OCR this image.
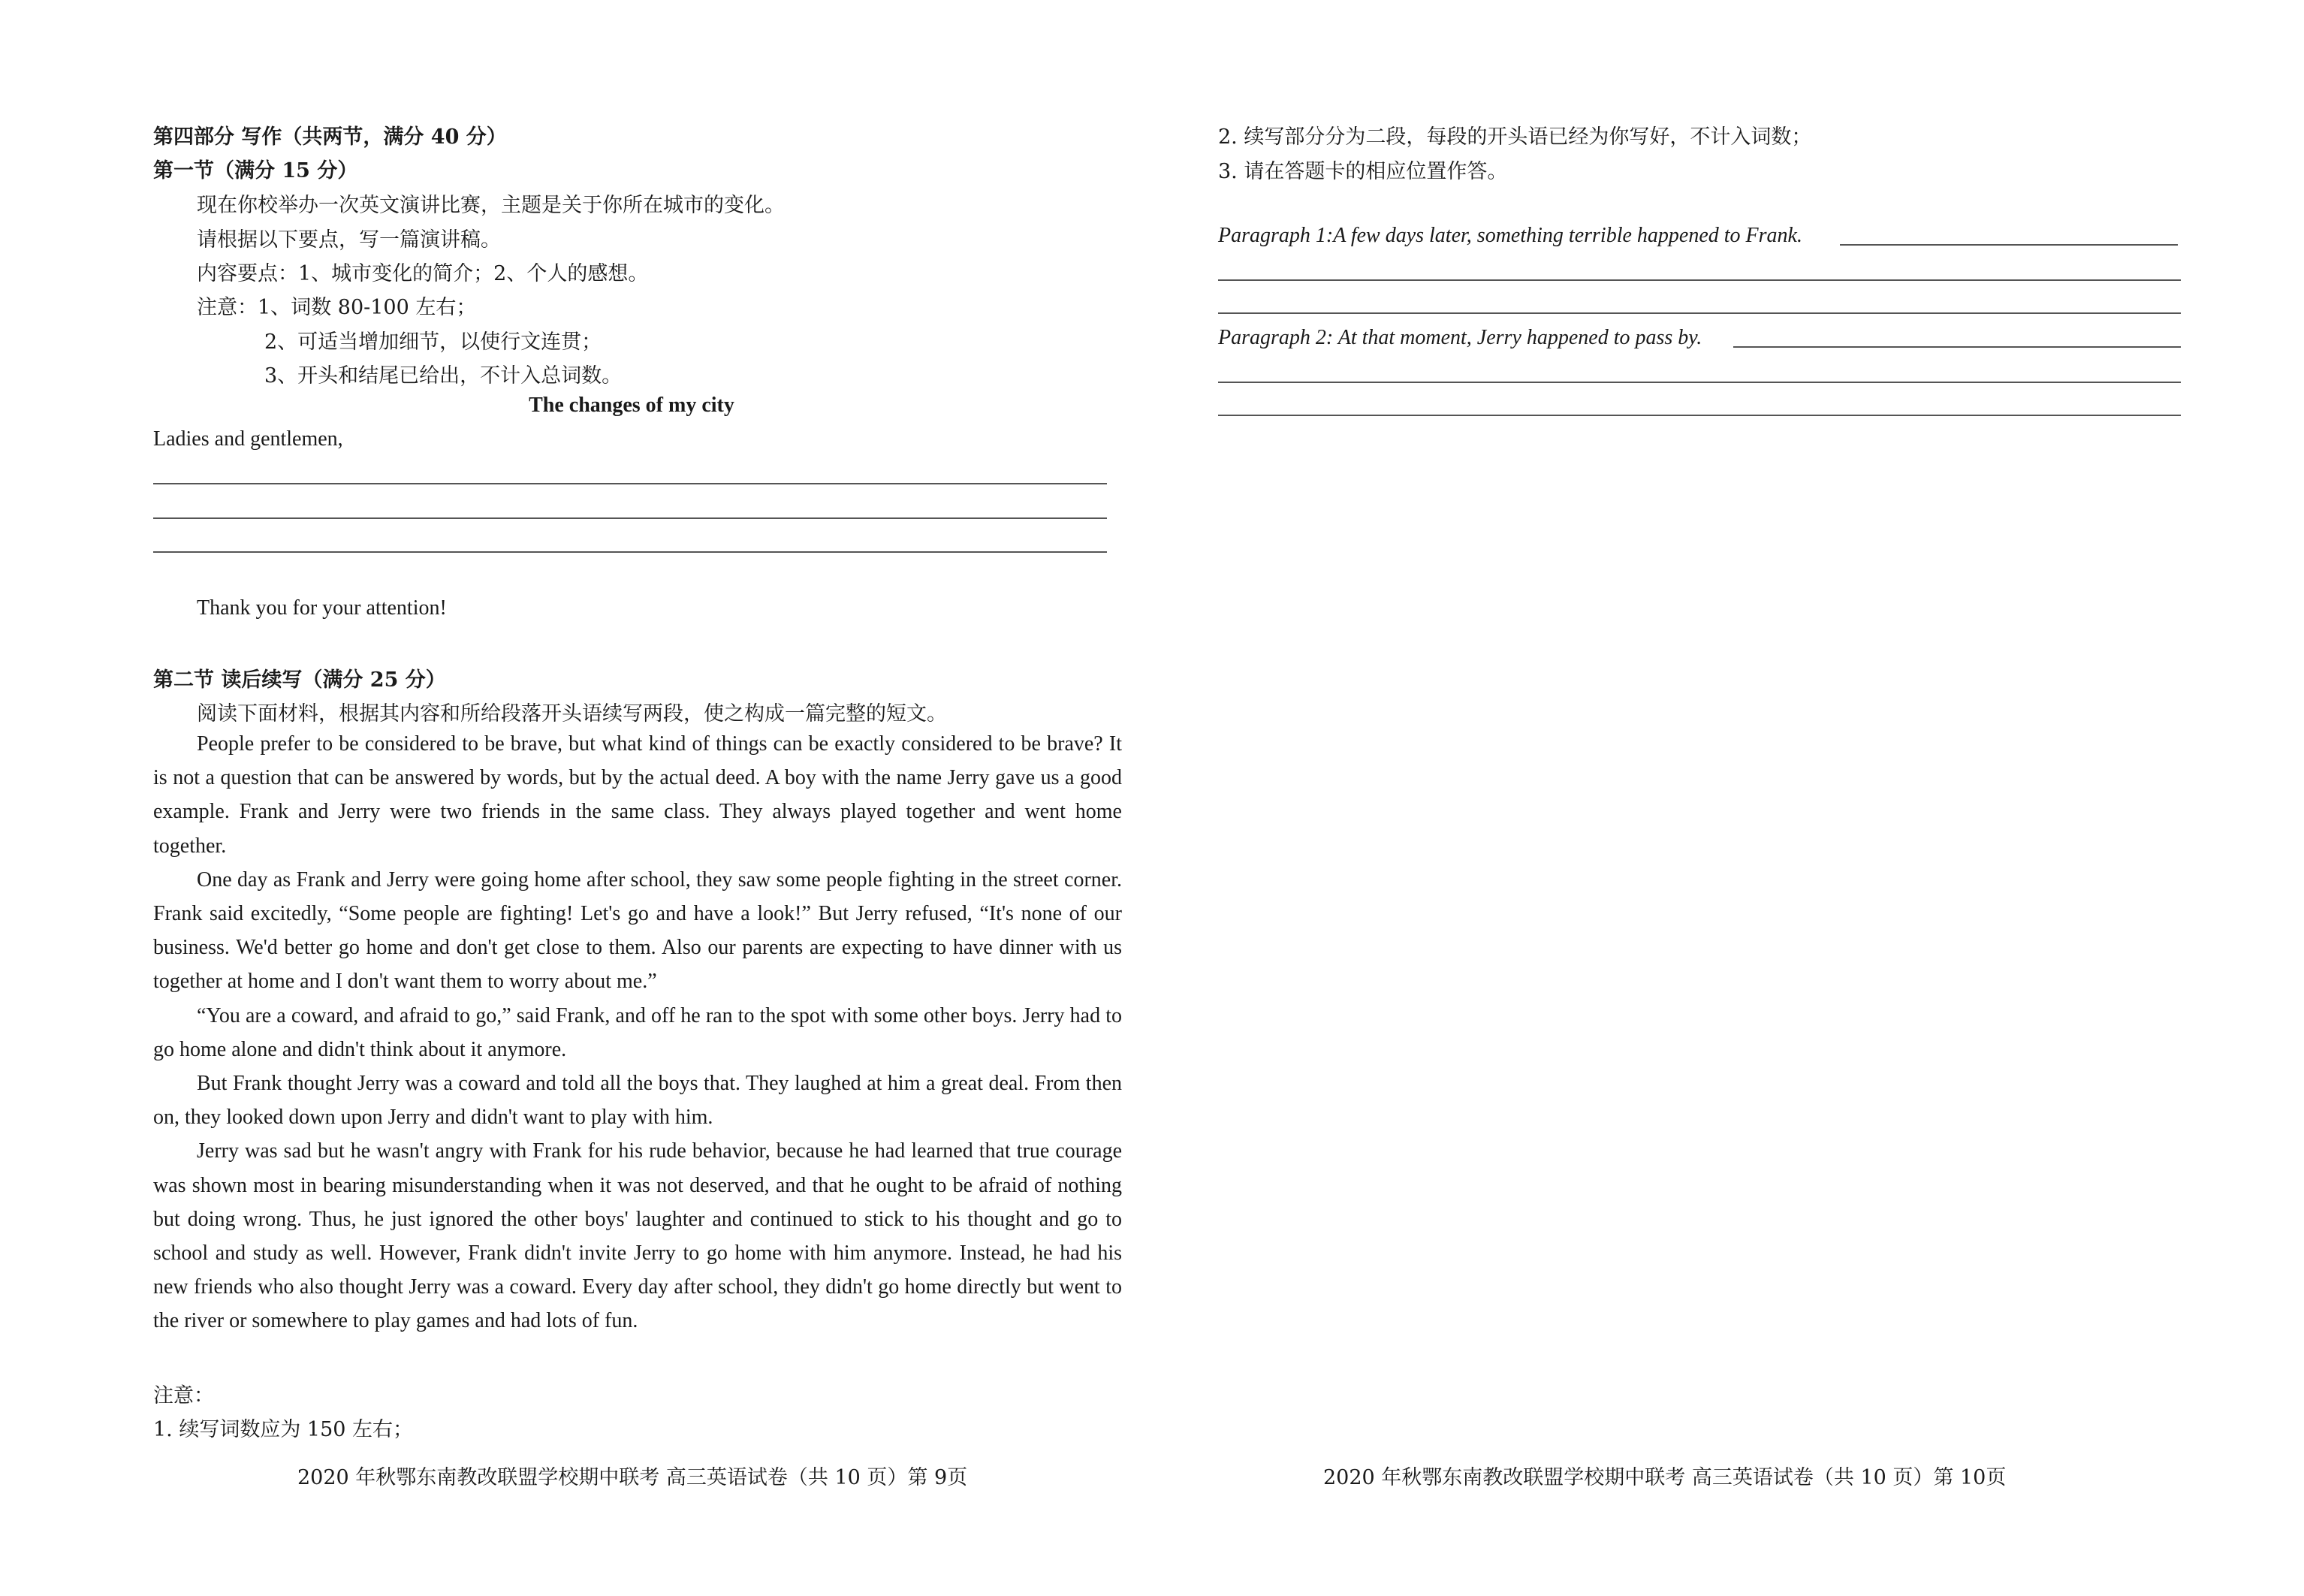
第四部分 写作（共两节，满分 40 分）
第一节（满分 15 分）
现在你校举办一次英文演讲比赛，主题是关于你所在城市的变化。
请根据以下要点，写一篇演讲稿。
内容要点：1、城市变化的简介；2、个人的感想。
注意：1、词数 80-100 左右；
2、可适当增加细节，以使行文连贯；
3、开头和结尾已给出，不计入总词数。
The changes of my city
Ladies and gentlemen,
Thank you for your attention!
第二节 读后续写（满分 25 分）
阅读下面材料，根据其内容和所给段落开头语续写两段，使之构成一篇完整的短文。

People prefer to be considered to be brave, but what kind of things can be exactly considered to be brave? It is not a question that can be answered by words, but by the actual deed. A boy with the name Jerry gave us a good example. Frank and Jerry were two friends in the same class. They always played together and went home together.

One day as Frank and Jerry were going home after school, they saw some people fighting in the street corner. Frank said excitedly, “Some people are fighting! Let's go and have a look!” But Jerry refused, “It's none of our business. We'd better go home and don't get close to them. Also our parents are expecting to have dinner with us together at home and I don't want them to worry about me.”

“You are a coward, and afraid to go,” said Frank, and off he ran to the spot with some other boys. Jerry had to go home alone and didn't think about it anymore.

But Frank thought Jerry was a coward and told all the boys that. They laughed at him a great deal. From then on, they looked down upon Jerry and didn't want to play with him.

Jerry was sad but he wasn't angry with Frank for his rude behavior, because he had learned that true courage was shown most in bearing misunderstanding when it was not deserved, and that he ought to be afraid of nothing but doing wrong. Thus, he just ignored the other boys' laughter and continued to stick to his thought and go to school and study as well. However, Frank didn't invite Jerry to go home with him anymore. Instead, he had his new friends who also thought Jerry was a coward. Every day after school, they didn't go home directly but went to the river or somewhere to play games and had lots of fun.

注意：
1. 续写词数应为 150 左右；
2020 年秋鄂东南教改联盟学校期中联考 高三英语试卷（共 10 页）第 9页
2. 续写部分分为二段，每段的开头语已经为你写好，不计入词数；
3. 请在答题卡的相应位置作答。
Paragraph 1:A few days later, something terrible happened to Frank.
Paragraph 2: At that moment, Jerry happened to pass by.
2020 年秋鄂东南教改联盟学校期中联考 高三英语试卷（共 10 页）第 10页
